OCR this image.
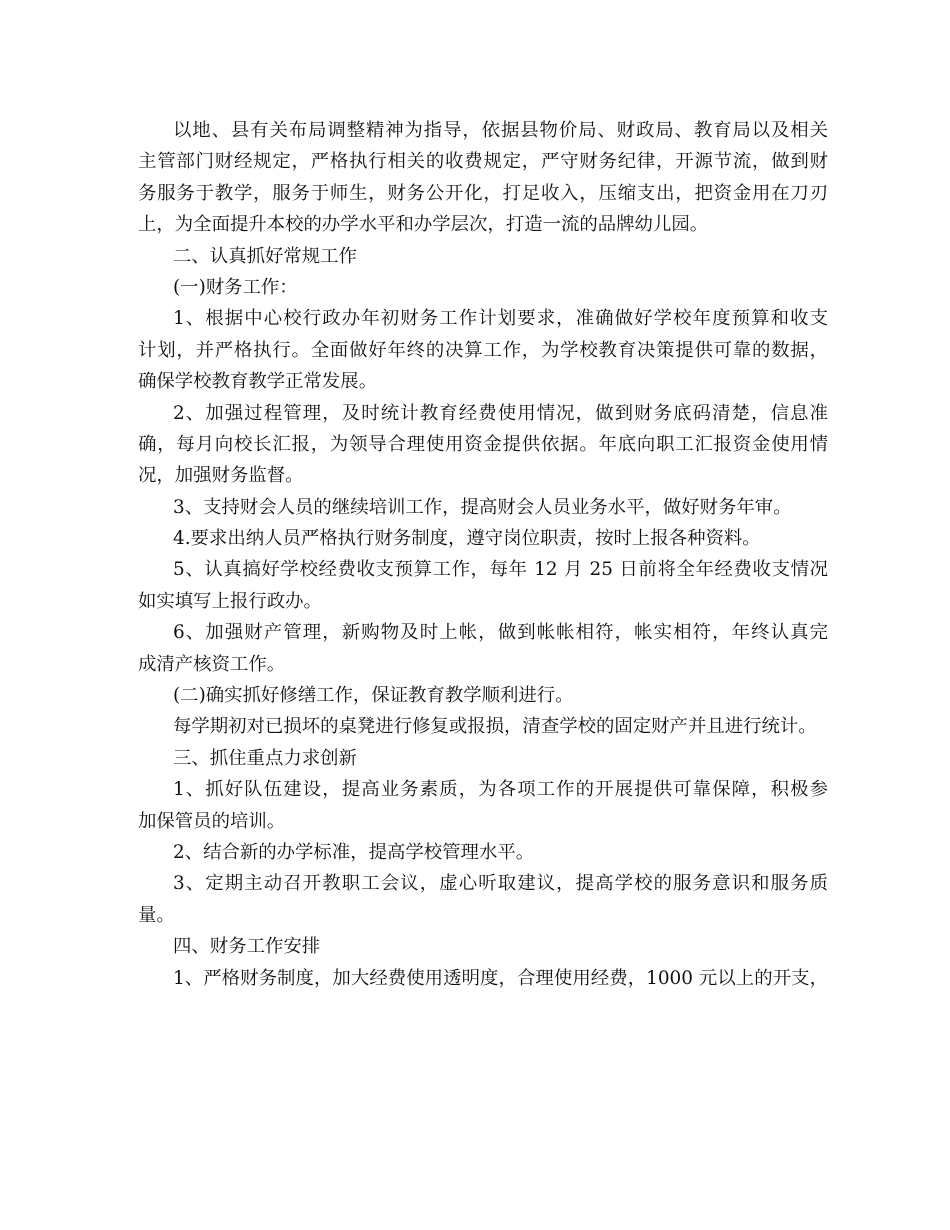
以地、县有关布局调整精神为指导，依据县物价局、财政局、教育局以及相关
主管部门财经规定，严格执行相关的收费规定，严守财务纪律，开源节流，做到财
务服务于教学，服务于师生，财务公开化，打足收入，压缩支出，把资金用在刀刃
上，为全面提升本校的办学水平和办学层次，打造一流的品牌幼儿园。
二、认真抓好常规工作
(一)财务工作：
1、根据中心校行政办年初财务工作计划要求，准确做好学校年度预算和收支
计划，并严格执行。全面做好年终的决算工作，为学校教育决策提供可靠的数据，
确保学校教育教学正常发展。
2、加强过程管理，及时统计教育经费使用情况，做到财务底码清楚，信息准
确，每月向校长汇报，为领导合理使用资金提供依据。年底向职工汇报资金使用情
况，加强财务监督。
3、支持财会人员的继续培训工作，提高财会人员业务水平，做好财务年审。
4.要求出纳人员严格执行财务制度，遵守岗位职责，按时上报各种资料。
5、认真搞好学校经费收支预算工作，每年 12 月 25 日前将全年经费收支情况
如实填写上报行政办。
6、加强财产管理，新购物及时上帐，做到帐帐相符，帐实相符，年终认真完
成清产核资工作。
(二)确实抓好修缮工作，保证教育教学顺利进行。
每学期初对已损坏的桌凳进行修复或报损，清查学校的固定财产并且进行统计。
三、抓住重点力求创新
1、抓好队伍建设，提高业务素质，为各项工作的开展提供可靠保障，积极参
加保管员的培训。
2、结合新的办学标准，提高学校管理水平。
3、定期主动召开教职工会议，虚心听取建议，提高学校的服务意识和服务质
量。
四、财务工作安排
1、严格财务制度，加大经费使用透明度，合理使用经费，1000 元以上的开支，
